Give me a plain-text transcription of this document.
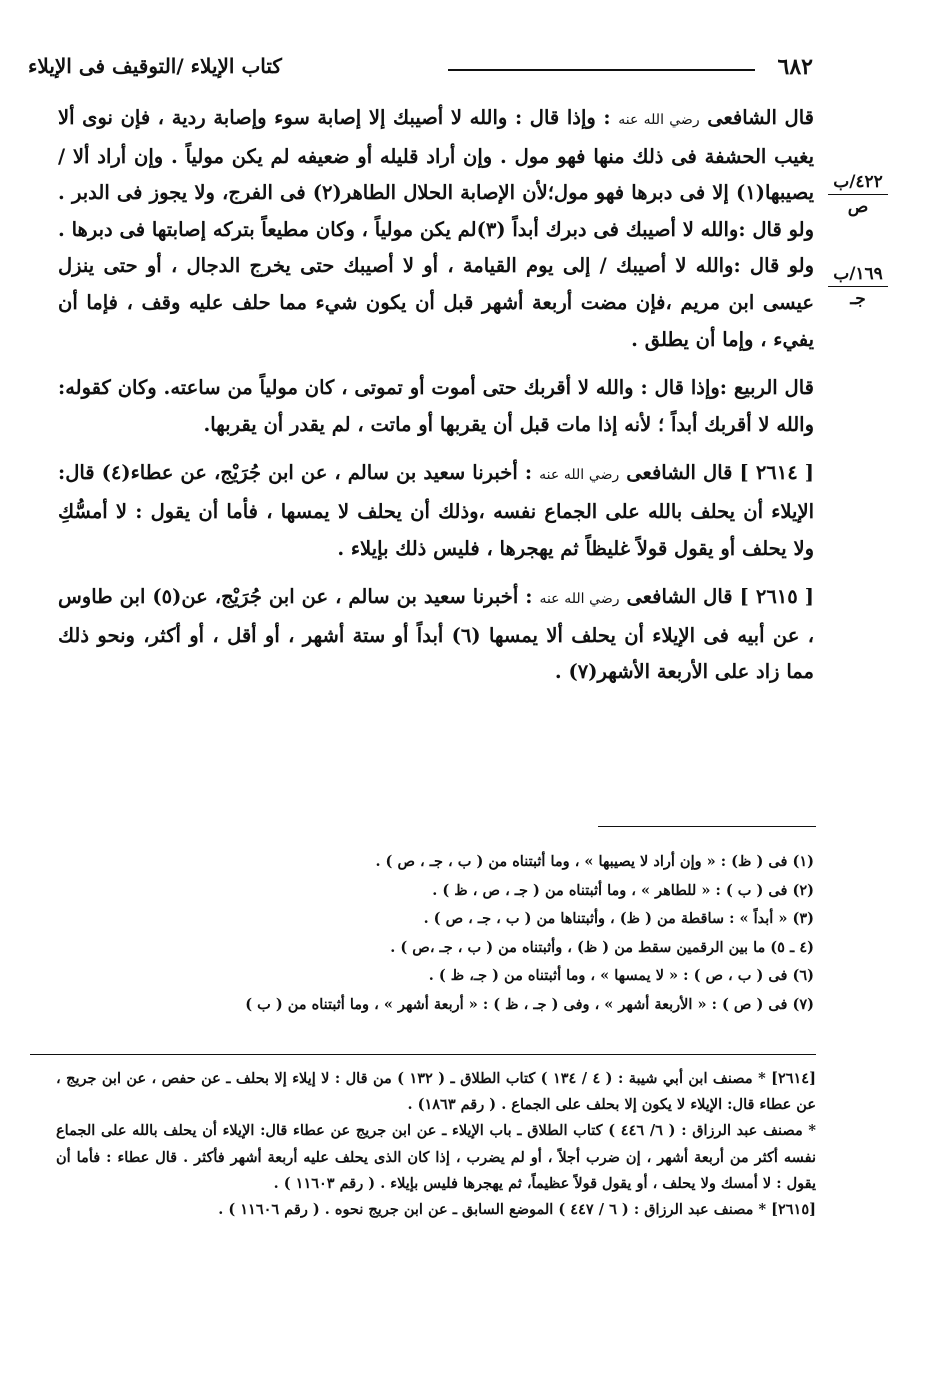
٦٨٢
كتاب الإيلاء /التوقيف فى الإيلاء
٤٢٢/ب
ص
١٦٩/ب
جـ

قال الشافعى رضي الله عنه : وإذا قال : والله لا أصيبك إلا إصابة سوء وإصابة ردية ، فإن نوى ألا يغيب الحشفة فى ذلك منها فهو مول . وإن أراد قليله أو ضعيفه لم يكن مولياً . وإن أراد ألا / يصيبها(١) إلا فى دبرها فهو مول؛لأن الإصابة الحلال الطاهر(٢) فى الفرج، ولا يجوز فى الدبر . ولو قال :والله لا أصيبك فى دبرك أبداً (٣)لم يكن مولياً ، وكان مطيعاً بتركه إصابتها فى دبرها . ولو قال :والله لا أصيبك / إلى يوم القيامة ، أو لا أصيبك حتى يخرج الدجال ، أو حتى ينزل عيسى ابن مريم ،فإن مضت أربعة أشهر قبل أن يكون شيء مما حلف عليه وقف ، فإما أن يفيء ، وإما أن يطلق .

قال الربيع :وإذا قال : والله لا أقربك حتى أموت أو تموتى ، كان مولياً من ساعته. وكان كقوله: والله لا أقربك أبداً ؛ لأنه إذا مات قبل أن يقربها أو ماتت ، لم يقدر أن يقربها.

[ ٢٦١٤ ] قال الشافعى رضي الله عنه : أخبرنا سعيد بن سالم ، عن ابن جُرَيْج، عن عطاء(٤) قال: الإيلاء أن يحلف بالله على الجماع نفسه ،وذلك أن يحلف لا يمسها ، فأما أن يقول : لا أمسُّكِ ولا يحلف أو يقول قولاً غليظاً ثم يهجرها ، فليس ذلك بإيلاء .

[ ٢٦١٥ ] قال الشافعى رضي الله عنه : أخبرنا سعيد بن سالم ، عن ابن جُرَيْج، عن(٥) ابن طاوس ، عن أبيه فى الإيلاء أن يحلف ألا يمسها (٦) أبداً أو ستة أشهر ، أو أقل ، أو أكثر، ونحو ذلك مما زاد على الأربعة الأشهر(٧) .

(١) فى ( ظ) : « وإن أراد لا يصيبها » ، وما أثبتناه من ( ب ، جـ ، ص ) .
(٢) فى ( ب ) : « للطاهر » ، وما أثبتناه من ( جـ ، ص ، ظ ) .
(٣) « أبداً » : ساقطة من ( ظ) ، وأثبتناها من ( ب ، جـ ، ص ) .
(٤ ـ ٥) ما بين الرقمين سقط من ( ظ) ، وأثبتناه من ( ب ، جـ ،ص ) .
(٦) فى ( ب ، ص ) : « لا يمسها » ، وما أثبتناه من ( جـ، ظ ) .
(٧) فى ( ص ) : « الأربعة أشهر » ، وفى ( جـ ، ظ ) : « أربعة أشهر » ، وما أثبتناه من ( ب )

[٢٦١٤] * مصنف ابن أبي شيبة : ( ٤ / ١٣٤ ) كتاب الطلاق ـ ( ١٣٢ ) من قال : لا إيلاء إلا بحلف ـ عن حفص ، عن ابن جريج ، عن عطاء قال: الإيلاء لا يكون إلا بحلف على الجماع . ( رقم ١٨٦٣) .

* مصنف عبد الرزاق : ( ٦/ ٤٤٦ ) كتاب الطلاق ـ باب الإيلاء ـ عن ابن جريج عن عطاء قال: الإيلاء أن يحلف بالله على الجماع نفسه أكثر من أربعة أشهر ، إن ضرب أجلاً ، أو لم يضرب ، إذا كان الذى يحلف عليه أربعة أشهر فأكثر . قال عطاء : فأما أن يقول : لا أمسك ولا يحلف ، أو يقول قولاً عظيماً، ثم يهجرها فليس بإيلاء . ( رقم ١١٦٠٣ ) .

[٢٦١٥] * مصنف عبد الرزاق : ( ٦ / ٤٤٧ ) الموضع السابق ـ عن ابن جريج نحوه . ( رقم ١١٦٠٦ ) .
